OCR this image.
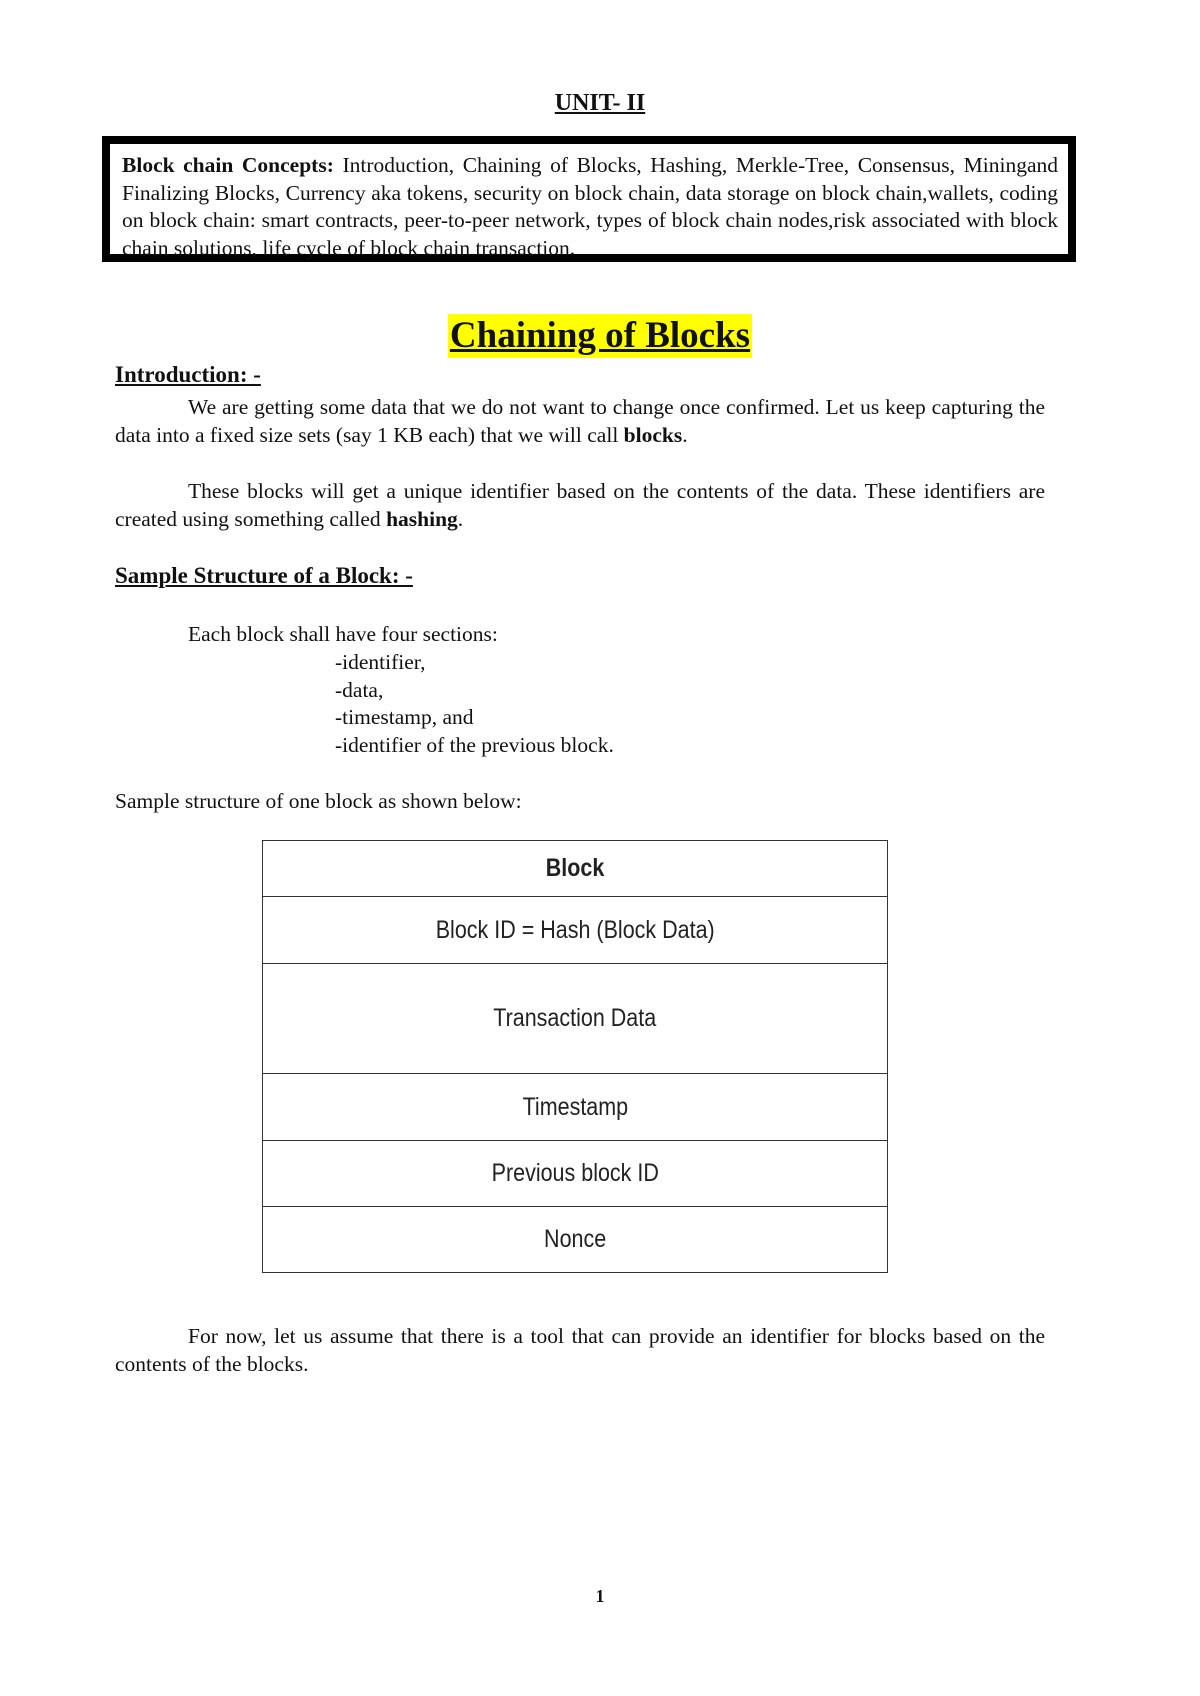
UNIT- II
Block chain Concepts: Introduction, Chaining of Blocks, Hashing, Merkle-Tree, Consensus, Miningand Finalizing Blocks, Currency aka tokens, security on block chain, data storage on block chain,wallets, coding on block chain: smart contracts, peer-to-peer network, types of block chain nodes,risk associated with block chain solutions, life cycle of block chain transaction.
Chaining of Blocks
Introduction: -
We are getting some data that we do not want to change once confirmed. Let us keep capturing the data into a fixed size sets (say 1 KB each) that we will call blocks.
These blocks will get a unique identifier based on the contents of the data. These identifiers are created using something called hashing.
Sample Structure of a Block: -
Each block shall have four sections:
-identifier,
-data,
-timestamp, and
-identifier of the previous block.
Sample structure of one block as shown below:
Block
Block ID = Hash (Block Data)
Transaction Data
Timestamp
Previous block ID
Nonce
For now, let us assume that there is a tool that can provide an identifier for blocks based on the contents of the blocks.
1
